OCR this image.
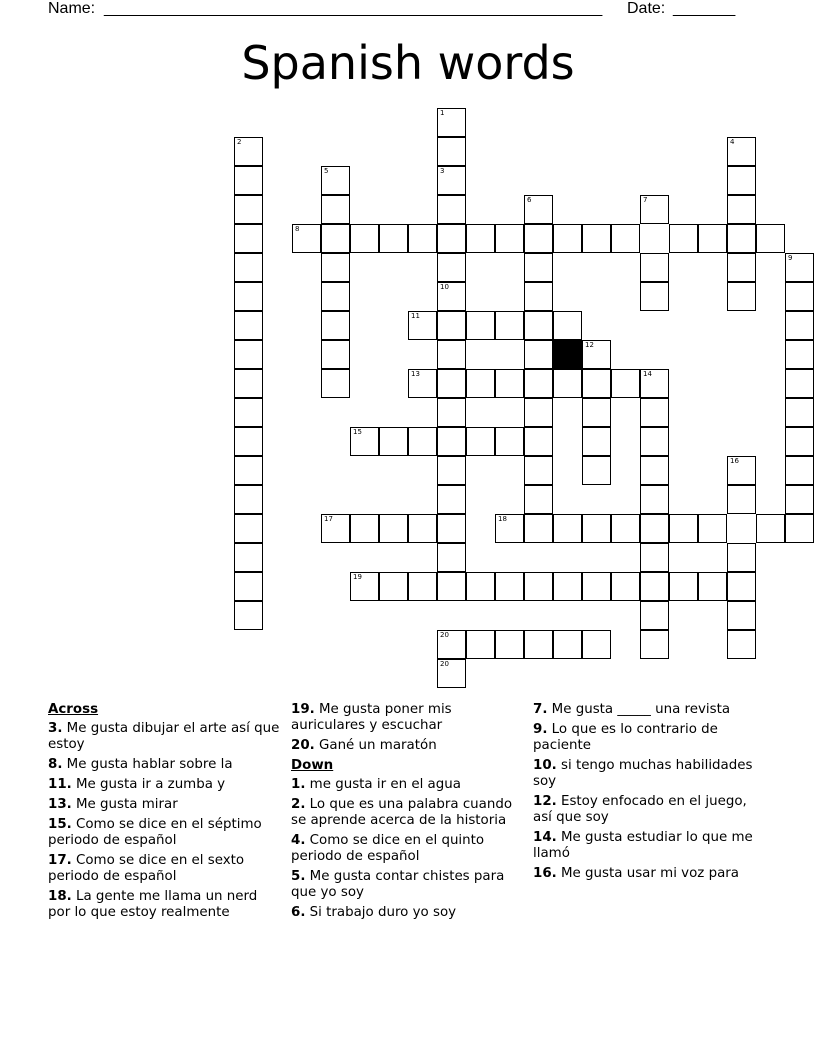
Name: ________________________________________________________ Date: _______
Spanish words
1
3
20
2
5
8
6	7
4
9
10
11
12
13	14
15
16
17	18
19
20
Across
3. Me gusta dibujar el arte así que estoy
8. Me gusta hablar sobre la
11. Me gusta ir a zumba y
13. Me gusta mirar
15. Como se dice en el séptimo periodo de español
17. Como se dice en el sexto periodo de español
18. La gente me llama un nerd por lo que estoy realmente
19. Me gusta poner mis auriculares y escuchar
20. Gané un maratón
Down
1. me gusta ir en el agua
2. Lo que es una palabra cuando se aprende acerca de la historia
4. Como se dice en el quinto periodo de español
5. Me gusta contar chistes para que yo soy
6. Si trabajo duro yo soy
7. Me gusta _____ una revista
9. Lo que es lo contrario de paciente
10. si tengo muchas habilidades soy
12. Estoy enfocado en el juego, así que soy
14. Me gusta estudiar lo que me llamó
16. Me gusta usar mi voz para
